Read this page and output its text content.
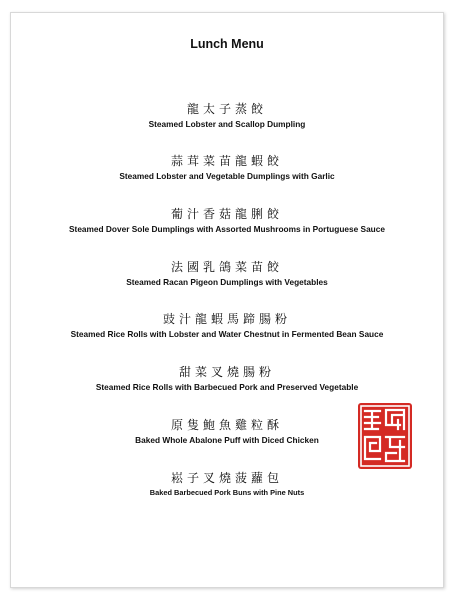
Lunch Menu
龍太子蒸餃
Steamed Lobster and Scallop Dumpling
蒜茸菜苗龍蝦餃
Steamed Lobster and Vegetable Dumplings with Garlic
葡汁香菇龍脷餃
Steamed Dover Sole Dumplings with Assorted Mushrooms in Portuguese Sauce
法國乳鴿菜苗餃
Steamed Racan Pigeon Dumplings with Vegetables
豉汁龍蝦馬蹄腸粉
Steamed Rice Rolls with Lobster and Water Chestnut in Fermented Bean Sauce
甜菜叉燒腸粉
Steamed Rice Rolls with Barbecued Pork and Preserved Vegetable
原隻鮑魚雞粒酥
Baked Whole Abalone Puff with Diced Chicken
崧子叉燒菠蘿包
Baked Barbecued Pork Buns with Pine Nuts
